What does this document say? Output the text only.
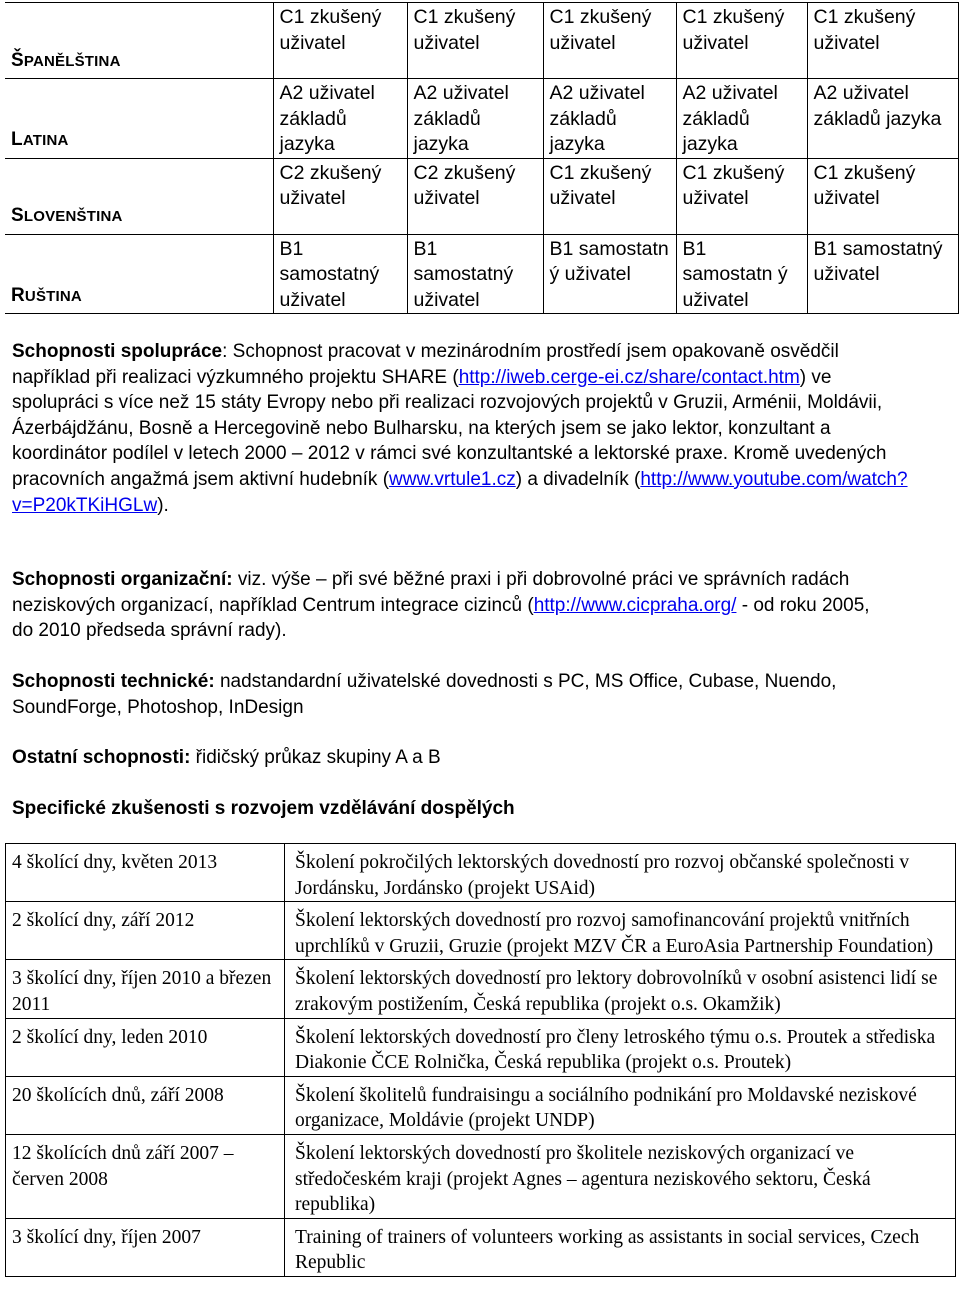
ŠPANĚLŠTINA	C1 zkušený uživatel	C1 zkušený uživatel	C1 zkušený uživatel	C1 zkušený uživatel	C1 zkušený uživatel
LATINA	A2 uživatel základů jazyka	A2 uživatel základů jazyka	A2 uživatel základů jazyka	A2 uživatel základů jazyka	A2 uživatel základů jazyka
SLOVENŠTINA	C2 zkušený uživatel	C2 zkušený uživatel	C1 zkušený uživatel	C1 zkušený uživatel	C1 zkušený uživatel
RUŠTINA	B1 samostatný uživatel	B1 samostatný uživatel	B1 samostatn ý uživatel	B1 samostatn ý uživatel	B1 samostatný uživatel
Schopnosti spolupráce: Schopnost pracovat v mezinárodním prostředí jsem opakovaně osvědčil například při realizaci výzkumného projektu SHARE (http://iweb.cerge-ei.cz/share/contact.htm) ve spolupráci s více než 15 státy Evropy nebo při realizaci rozvojových projektů v Gruzii, Arménii, Moldávii, Ázerbájdžánu, Bosně a Hercegovině nebo Bulharsku, na kterých jsem se jako lektor, konzultant a koordinátor podílel v letech 2000 – 2012 v rámci své konzultantské a lektorské praxe. Kromě uvedených pracovních angažmá jsem aktivní hudebník (www.vrtule1.cz) a divadelník (http://www.youtube.com/watch?v=P20kTKiHGLw).
Schopnosti organizační: viz. výše – při své běžné praxi i při dobrovolné práci ve správních radách neziskových organizací, například Centrum integrace cizinců (http://www.cicpraha.org/ - od roku 2005, do 2010 předseda správní rady).
Schopnosti technické: nadstandardní uživatelské dovednosti s PC, MS Office, Cubase, Nuendo, SoundForge, Photoshop, InDesign
Ostatní schopnosti: řidičský průkaz skupiny A a B
Specifické zkušenosti s rozvojem vzdělávání dospělých
4 školící dny, květen 2013	Školení pokročilých lektorských dovedností pro rozvoj občanské společnosti v Jordánsku, Jordánsko (projekt USAid)
2 školící dny, září 2012	Školení lektorských dovedností pro rozvoj samofinancování projektů vnitřních uprchlíků v Gruzii, Gruzie (projekt MZV ČR a EuroAsia Partnership Foundation)
3 školící dny, říjen 2010 a březen 2011	Školení lektorských dovedností pro lektory dobrovolníků v osobní asistenci lidí se zrakovým postižením, Česká republika (projekt o.s. Okamžik)
2 školící dny, leden 2010	Školení lektorských dovedností pro členy letroského týmu o.s. Proutek a střediska Diakonie ČCE Rolnička, Česká republika (projekt o.s. Proutek)
20 školících dnů, září 2008	Školení školitelů fundraisingu a sociálního podnikání pro Moldavské neziskové organizace, Moldávie (projekt UNDP)
12 školících dnů září 2007 – červen 2008	Školení lektorských dovedností pro školitele neziskových organizací ve středočeském kraji (projekt Agnes – agentura neziskového sektoru, Česká republika)
3 školící dny, říjen 2007	Training of trainers of volunteers working as assistants in social services, Czech Republic
